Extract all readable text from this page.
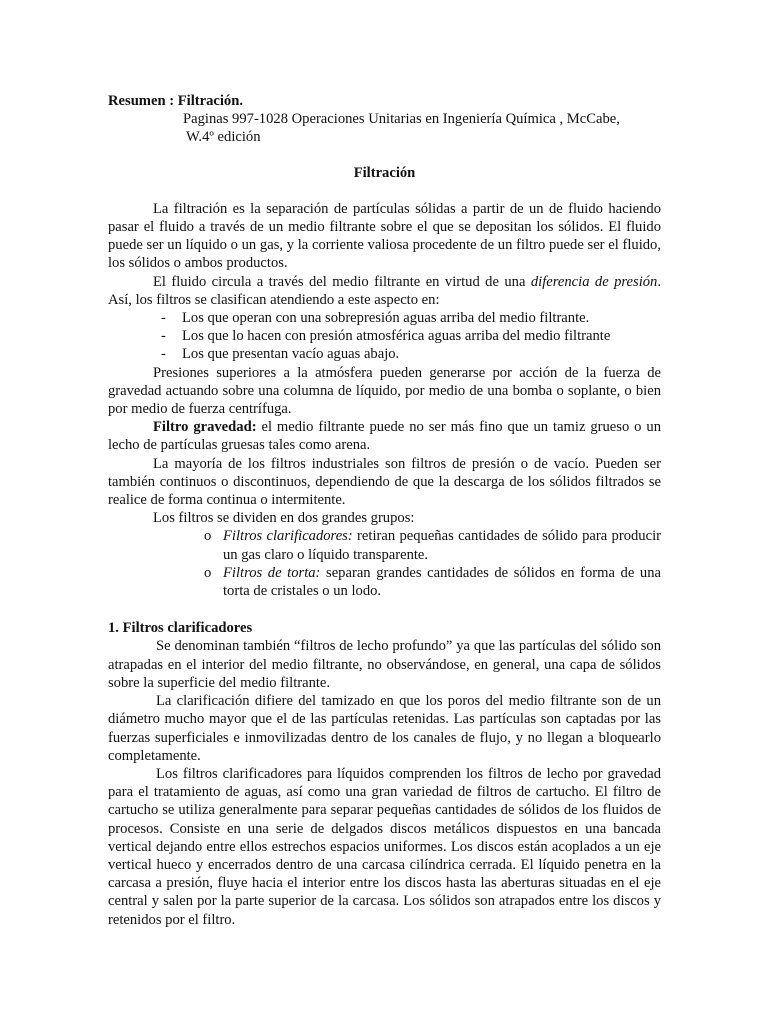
Resumen : Filtración.

Paginas 997-1028 Operaciones Unitarias en Ingeniería Química , McCabe,

W.4º edición

Filtración

La filtración es la separación de partículas sólidas a partir de un de fluido haciendo pasar el fluido a través de un medio filtrante sobre el que se depositan los sólidos. El fluido puede ser un líquido o un gas, y la corriente valiosa procedente de un filtro puede ser el fluido, los sólidos o ambos productos.

El fluido circula a través del medio filtrante en virtud de una diferencia de presión. Así, los filtros se clasifican atendiendo a este aspecto en:

- Los que operan con una sobrepresión aguas arriba del medio filtrante.
- Los que lo hacen con presión atmosférica aguas arriba del medio filtrante
- Los que presentan vacío aguas abajo.

Presiones superiores a la atmósfera pueden generarse por acción de la fuerza de gravedad actuando sobre una columna de líquido, por medio de una bomba o soplante, o bien por medio de fuerza centrífuga.

Filtro gravedad: el medio filtrante puede no ser más fino que un tamiz grueso o un lecho de partículas gruesas tales como arena.

La mayoría de los filtros industriales son filtros de presión o de vacío. Pueden ser también continuos o discontinuos, dependiendo de que la descarga de los sólidos filtrados se realice de forma continua o intermitente.

Los filtros se dividen en dos grandes grupos:

o Filtros clarificadores: retiran pequeñas cantidades de sólido para producir un gas claro o líquido transparente.
o Filtros de torta: separan grandes cantidades de sólidos en forma de una torta de cristales o un lodo.
1. Filtros clarificadores

Se denominan también “filtros de lecho profundo” ya que las partículas del sólido son atrapadas en el interior del medio filtrante, no observándose, en general, una capa de sólidos sobre la superficie del medio filtrante.

La clarificación difiere del tamizado en que los poros del medio filtrante son de un diámetro mucho mayor que el de las partículas retenidas. Las partículas son captadas por las fuerzas superficiales e inmovilizadas dentro de los canales de flujo, y no llegan a bloquearlo completamente.

Los filtros clarificadores para líquidos comprenden los filtros de lecho por gravedad para el tratamiento de aguas, así como una gran variedad de filtros de cartucho. El filtro de cartucho se utiliza generalmente para separar pequeñas cantidades de sólidos de los fluidos de procesos. Consiste en una serie de delgados discos metálicos dispuestos en una bancada vertical dejando entre ellos estrechos espacios uniformes. Los discos están acoplados a un eje vertical hueco y encerrados dentro de una carcasa cilíndrica cerrada. El líquido penetra en la carcasa a presión, fluye hacia el interior entre los discos hasta las aberturas situadas en el eje central y salen por la parte superior de la carcasa. Los sólidos son atrapados entre los discos y retenidos por el filtro.
